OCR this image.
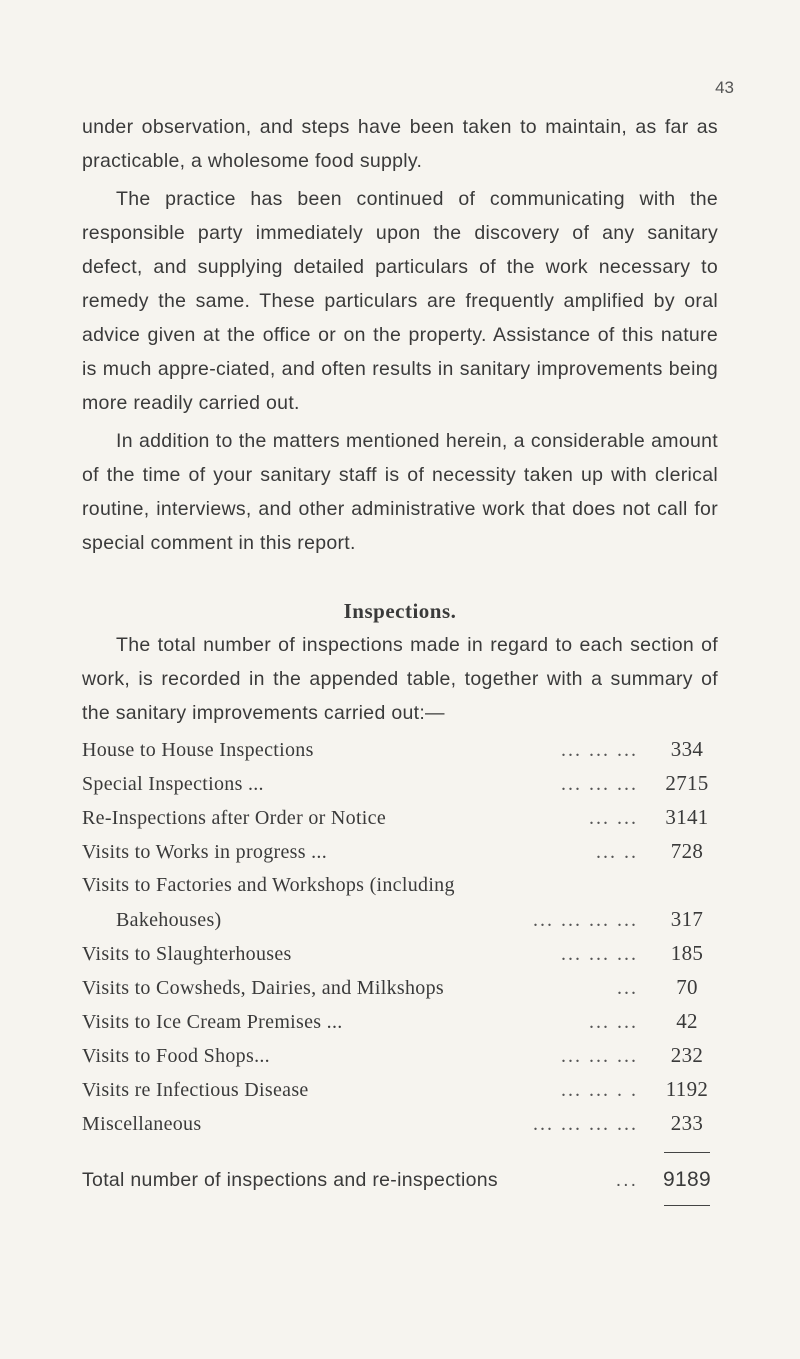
43

under observation, and steps have been taken to maintain, as far as practicable, a wholesome food supply.

The practice has been continued of communicating with the responsible party immediately upon the discovery of any sanitary defect, and supplying detailed particulars of the work necessary to remedy the same. These particulars are frequently amplified by oral advice given at the office or on the property. Assistance of this nature is much appre-ciated, and often results in sanitary improvements being more readily carried out.

In addition to the matters mentioned herein, a considerable amount of the time of your sanitary staff is of necessity taken up with clerical routine, interviews, and other administrative work that does not call for special comment in this report.

Inspections.

The total number of inspections made in regard to each section of work, is recorded in the appended table, together with a summary of the sanitary improvements carried out:—

House to House Inspections	... ... ...	334
Special Inspections ...	... ... ...	2715
Re-Inspections after Order or Notice	... ...	3141
Visits to Works in progress ...	... ..	728
Visits to Factories and Workshops (including
Bakehouses)	... ... ... ...	317
Visits to Slaughterhouses	... ... ...	185
Visits to Cowsheds, Dairies, and Milkshops	...	70
Visits to Ice Cream Premises ...	... ...	42
Visits to Food Shops...	... ... ...	232
Visits re Infectious Disease	... ... . .	1192
Miscellaneous	... ... ... ...	233
Total number of inspections and re-inspections	...	9189
